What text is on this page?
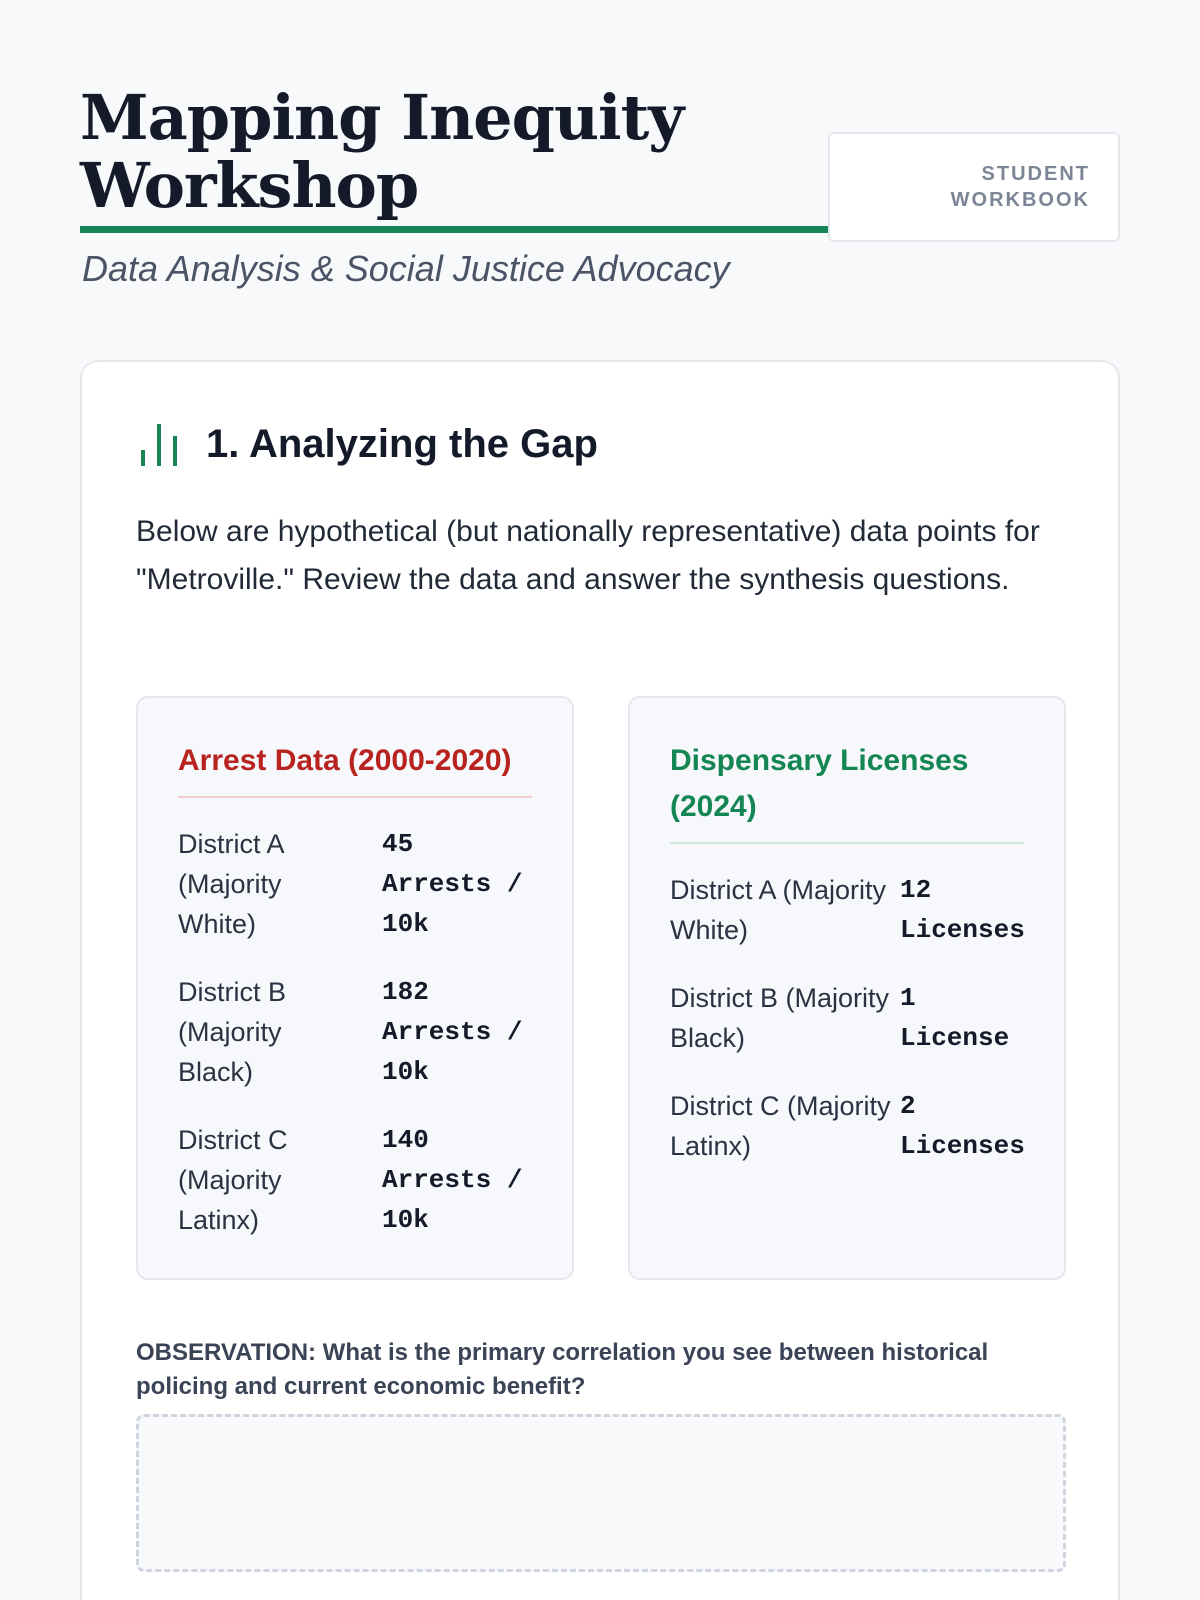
Mapping Inequity Workshop
Data Analysis & Social Justice Advocacy
STUDENT WORKBOOK
1. Analyzing the Gap

Below are hypothetical (but nationally representative) data points for "Metroville." Review the data and answer the synthesis questions.

Arrest Data (2000-2020)
District A (Majority White)
45 Arrests / 10k
District B (Majority Black)
182 Arrests / 10k
District C (Majority Latinx)
140 Arrests / 10k
Dispensary Licenses (2024)
District A (Majority White)
12 Licenses
District B (Majority Black)
1 License
District C (Majority Latinx)
2 Licenses
OBSERVATION: What is the primary correlation you see between historical policing and current economic benefit?
